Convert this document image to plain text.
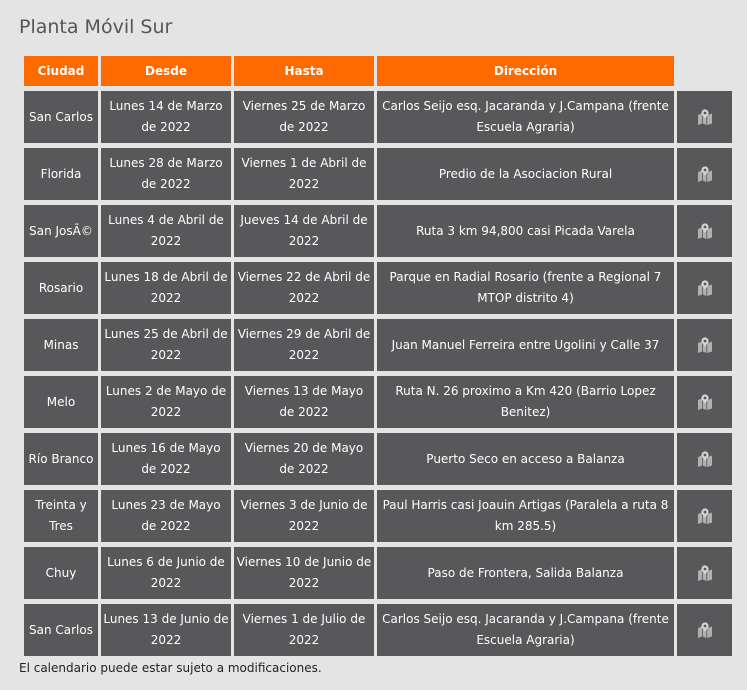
Planta Móvil Sur
Ciudad	Desde	Hasta	Dirección	
San Carlos	Lunes 14 de Marzo de 2022	Viernes 25 de Marzo de 2022	Carlos Seijo esq. Jacaranda y J.Campana (frente Escuela Agraria)	
Florida	Lunes 28 de Marzo de 2022	Viernes 1 de Abril de 2022	Predio de la Asociacion Rural	
San JosÃ©	Lunes 4 de Abril de 2022	Jueves 14 de Abril de 2022	Ruta 3 km 94,800 casi Picada Varela	
Rosario	Lunes 18 de Abril de 2022	Viernes 22 de Abril de 2022	Parque en Radial Rosario (frente a Regional 7 MTOP distrito 4)	
Minas	Lunes 25 de Abril de 2022	Viernes 29 de Abril de 2022	Juan Manuel Ferreira entre Ugolini y Calle 37	
Melo	Lunes 2 de Mayo de 2022	Viernes 13 de Mayo de 2022	Ruta N. 26 proximo a Km 420 (Barrio Lopez Benitez)	
Río Branco	Lunes 16 de Mayo de 2022	Viernes 20 de Mayo de 2022	Puerto Seco en acceso a Balanza	
Treinta y Tres	Lunes 23 de Mayo de 2022	Viernes 3 de Junio de 2022	Paul Harris casi Joauin Artigas (Paralela a ruta 8 km 285.5)	
Chuy	Lunes 6 de Junio de 2022	Viernes 10 de Junio de 2022	Paso de Frontera, Salida Balanza	
San Carlos	Lunes 13 de Junio de 2022	Viernes 1 de Julio de 2022	Carlos Seijo esq. Jacaranda y J.Campana (frente Escuela Agraria)	

El calendario puede estar sujeto a modificaciones.
